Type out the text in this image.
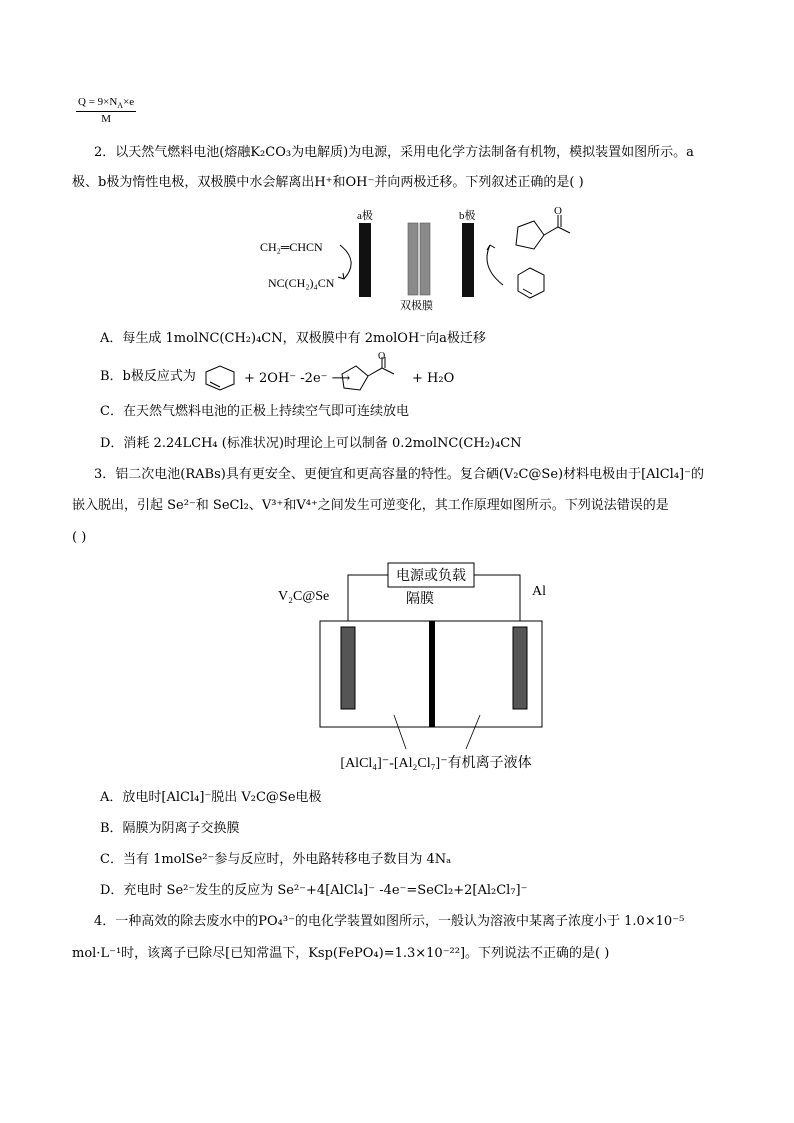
$\frac{Q = 9\times N_A\times e}{M}$
2．以天然气燃料电池(熔融K₂CO₃为电解质)为电源，采用电化学方法制备有机物，模拟装置如图所示。a
极、b极为惰性电极，双极膜中水会解离出H⁺和OH⁻并向两极迁移。下列叙述正确的是( )
a极
CH₂═CHCN
NC(CH₂)₄CN
双极膜
b极	O
A．每生成 1molNC(CH₂)₄CN，双极膜中有 2molOH⁻向a极迁移
B．b极反应式为	+ 2OH⁻ -2e⁻ ⟶
O
+ H₂O
C．在天然气燃料电池的正极上持续空气即可连续放电
D．消耗 2.24LCH₄ (标准状况)时理论上可以制备 0.2molNC(CH₂)₄CN
3．铝二次电池(RABs)具有更安全、更便宜和更高容量的特性。复合硒(V₂C@Se)材料电极由于[AlCl₄]⁻的
嵌入脱出，引起 Se²⁻和 SeCl₂、V³⁺和V⁴⁺之间发生可逆变化，其工作原理如图所示。下列说法错误的是
( )
电源或负载
V₂C@Se	隔膜
Al
[AlCl₄]⁻-[Al₂Cl₇]⁻有机离子液体
A．放电时[AlCl₄]⁻脱出 V₂C@Se电极
B．隔膜为阴离子交换膜
C．当有 1molSe²⁻参与反应时，外电路转移电子数目为 4Nₐ
D．充电时 Se²⁻发生的反应为 Se²⁻+4[AlCl₄]⁻ -4e⁻=SeCl₂+2[Al₂Cl₇]⁻
4．一种高效的除去废水中的PO₄³⁻的电化学装置如图所示，一般认为溶液中某离子浓度小于 1.0×10⁻⁵
mol·L⁻¹时，该离子已除尽[已知常温下，Ksp(FePO₄)=1.3×10⁻²²]。下列说法不正确的是( )
